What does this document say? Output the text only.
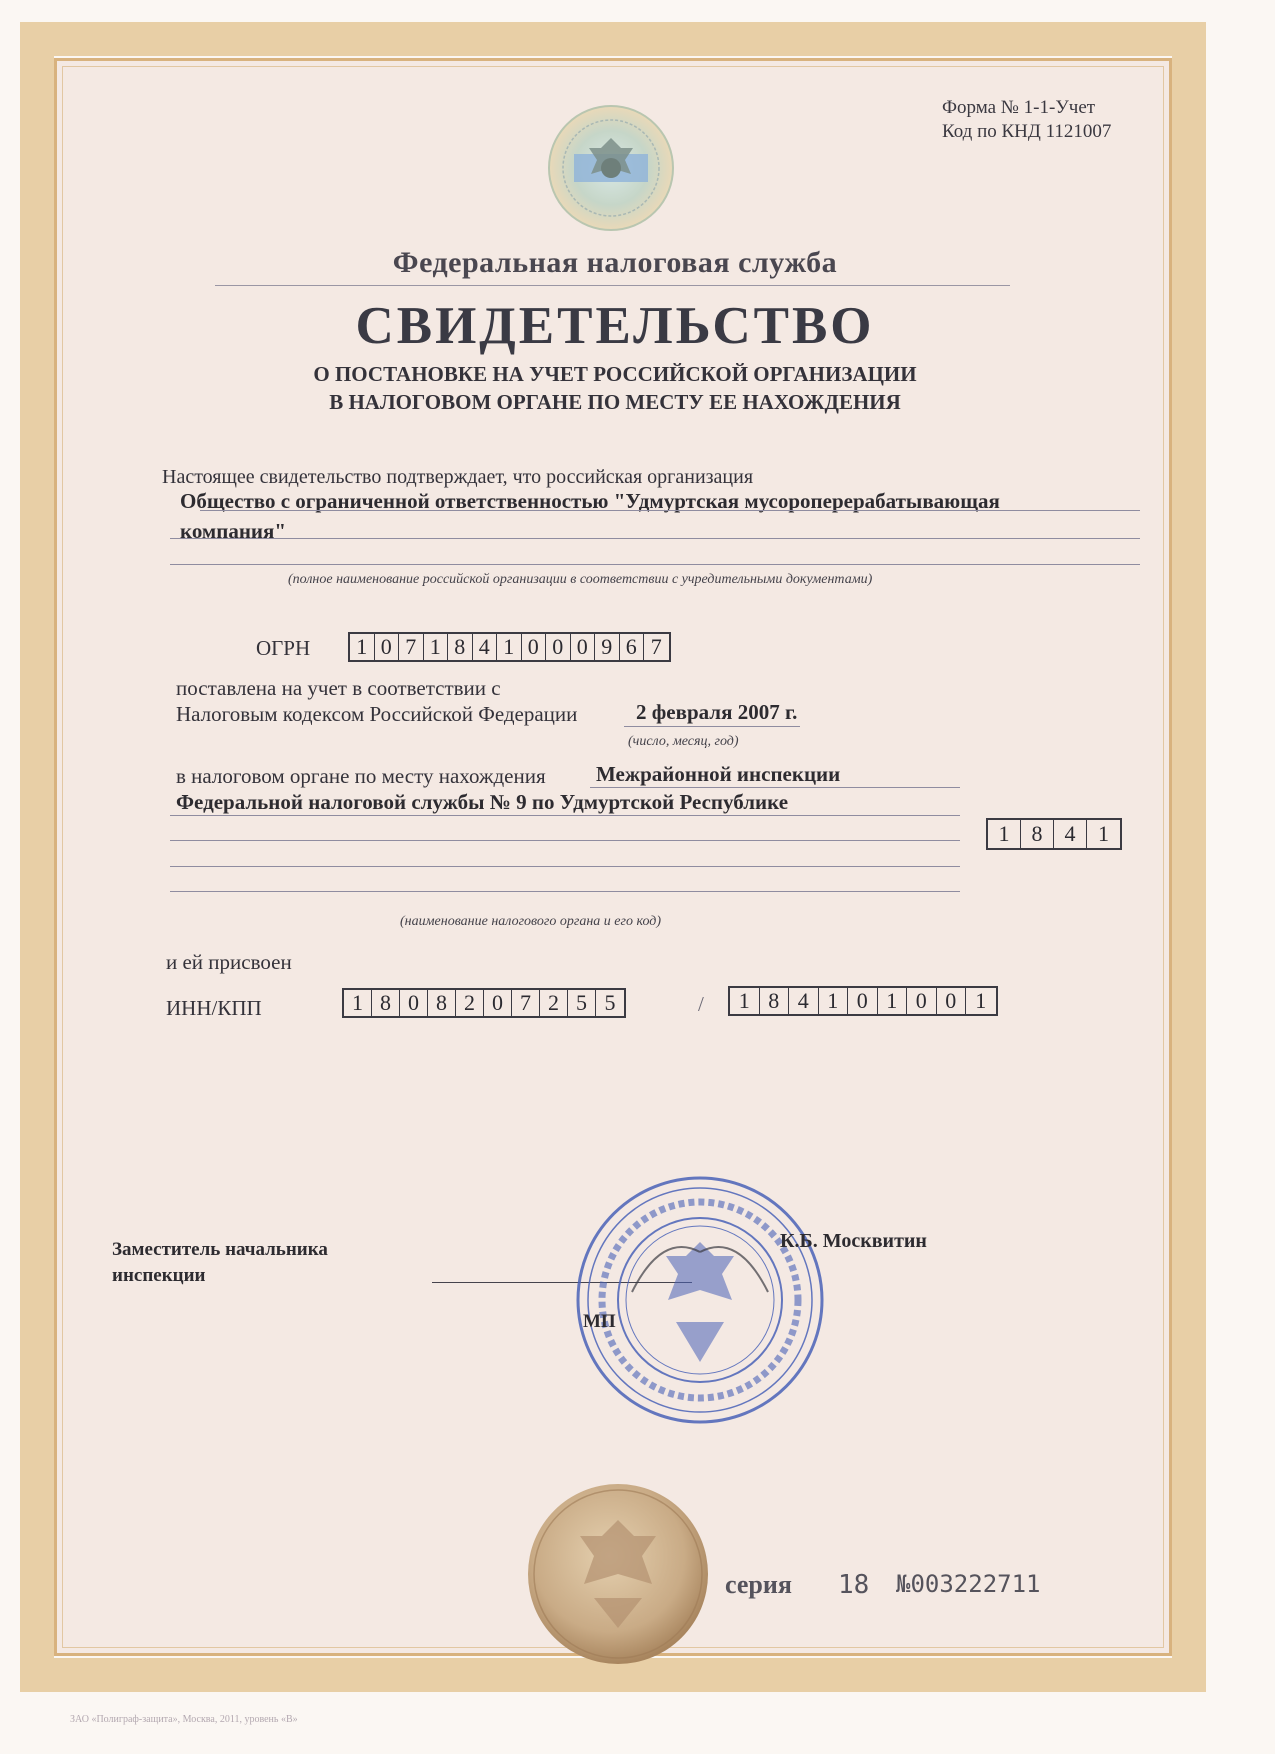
Форма № 1-1-Учет
Код по КНД 1121007
Федеральная налоговая служба
СВИДЕТЕЛЬСТВО
О ПОСТАНОВКЕ НА УЧЕТ РОССИЙСКОЙ ОРГАНИЗАЦИИ
В НАЛОГОВОМ ОРГАНЕ ПО МЕСТУ ЕЕ НАХОЖДЕНИЯ
Настоящее свидетельство подтверждает, что российская организация
Общество с ограниченной ответственностью "Удмуртская мусороперерабатывающая
компания"
(полное наименование российской организации в соответствии с учредительными документами)
ОГРН 1 0 7 1 8 4 1 0 0 0 9 6 7
поставлена на учет в соответствии с
Налоговым кодексом Российской Федерации	2 февраля 2007 г.
(число, месяц, год)
в налоговом органе по месту нахождения Межрайонной инспекции
Федеральной налоговой службы № 9 по Удмуртской Республике
1	8	4	1
(наименование налогового органа и его код)
и ей присвоен
ИНН/КПП	1 8 0 8 2 0 7 2 5 5	/	1 8 4 1 0 1 0 0 1
Заместитель начальника
инспекции
К.Б. Москвитин
МП
серия 18 №003222711
ЗАО «Полиграф-защита», Москва, 2011, уровень «В»
